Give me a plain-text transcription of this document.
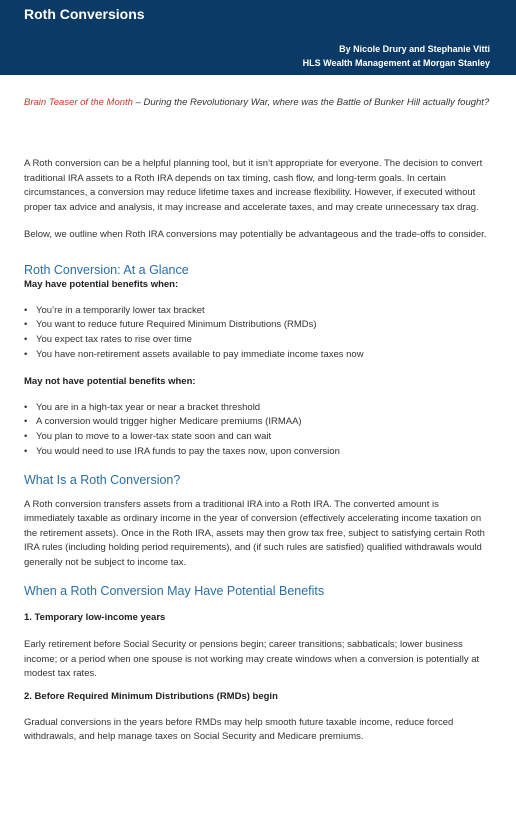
Roth Conversions
By Nicole Drury and Stephanie Vitti
HLS Wealth Management at Morgan Stanley
Brain Teaser of the Month – During the Revolutionary War, where was the Battle of Bunker Hill actually fought?

A Roth conversion can be a helpful planning tool, but it isn’t appropriate for everyone. The decision to convert traditional IRA assets to a Roth IRA depends on tax timing, cash flow, and long-term goals. In certain circumstances, a conversion may reduce lifetime taxes and increase flexibility. However, if executed without proper tax advice and analysis, it may increase and accelerate taxes, and may create unnecessary tax drag.

Below, we outline when Roth IRA conversions may potentially be advantageous and the trade-offs to consider.

Roth Conversion: At a Glance
May have potential benefits when:
• You’re in a temporarily lower tax bracket
• You want to reduce future Required Minimum Distributions (RMDs)
• You expect tax rates to rise over time
• You have non-retirement assets available to pay immediate income taxes now
May not have potential benefits when:
• You are in a high-tax year or near a bracket threshold
• A conversion would trigger higher Medicare premiums (IRMAA)
• You plan to move to a lower-tax state soon and can wait
• You would need to use IRA funds to pay the taxes now, upon conversion
What Is a Roth Conversion?

A Roth conversion transfers assets from a traditional IRA into a Roth IRA. The converted amount is immediately taxable as ordinary income in the year of conversion (effectively accelerating income taxation on the retirement assets). Once in the Roth IRA, assets may then grow tax free, subject to satisfying certain Roth IRA rules (including holding period requirements), and (if such rules are satisfied) qualified withdrawals would generally not be subject to income tax.

When a Roth Conversion May Have Potential Benefits
1. Temporary low-income years

Early retirement before Social Security or pensions begin; career transitions; sabbaticals; lower business income; or a period when one spouse is not working may create windows when a conversion is potentially at modest tax rates.

2. Before Required Minimum Distributions (RMDs) begin

Gradual conversions in the years before RMDs may help smooth future taxable income, reduce forced withdrawals, and help manage taxes on Social Security and Medicare premiums.
